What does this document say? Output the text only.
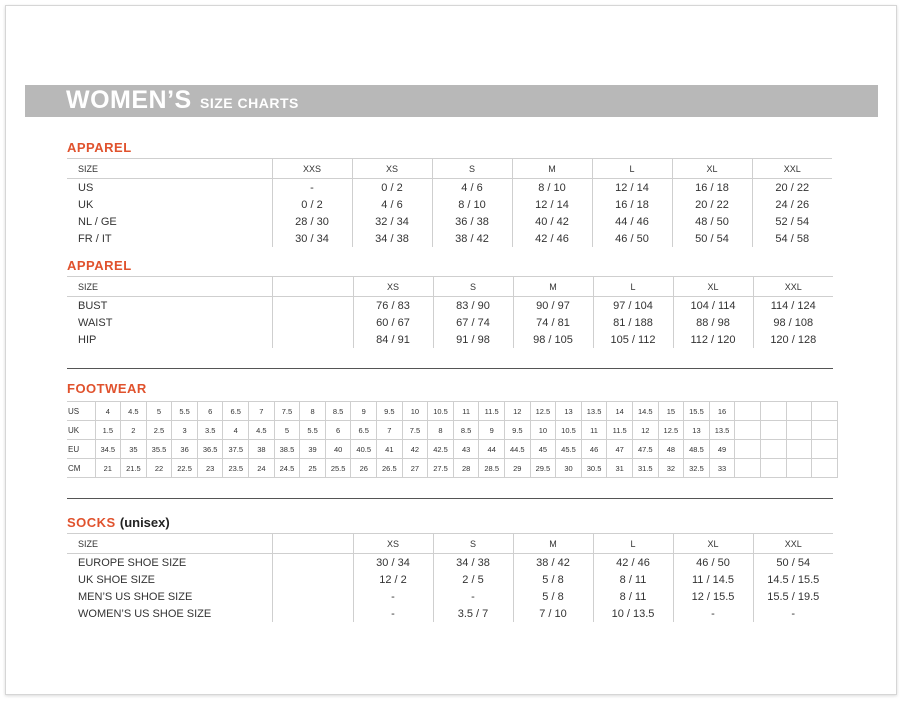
WOMEN’S SIZE CHARTS
APPAREL
SIZE	XXS	XS	S	M	L	XL	XXL
US	-	0 / 2	4 / 6	8 / 10	12 / 14	16 / 18	20 / 22
UK	0 / 2	4 / 6	8 / 10	12 / 14	16 / 18	20 / 22	24 / 26
NL / GE	28 / 30	32 / 34	36 / 38	40 / 42	44 / 46	48 / 50	52 / 54
FR / IT	30 / 34	34 / 38	38 / 42	42 / 46	46 / 50	50 / 54	54 / 58
APPAREL
SIZE		XS	S	M	L	XL	XXL
BUST		76 / 83	83 / 90	90 / 97	97 / 104	104 / 114	114 / 124
WAIST		60 / 67	67 / 74	74 / 81	81 / 188	88 / 98	98 / 108
HIP		84 / 91	91 / 98	98 / 105	105 / 112	112 / 120	120 / 128
FOOTWEAR
US	4	4.5	5	5.5	6	6.5	7	7.5	8	8.5	9	9.5	10	10.5	11	11.5	12	12.5	13	13.5	14	14.5	15	15.5	16				
UK	1.5	2	2.5	3	3.5	4	4.5	5	5.5	6	6.5	7	7.5	8	8.5	9	9.5	10	10.5	11	11.5	12	12.5	13	13.5				
EU	34.5	35	35.5	36	36.5	37.5	38	38.5	39	40	40.5	41	42	42.5	43	44	44.5	45	45.5	46	47	47.5	48	48.5	49				
CM	21	21.5	22	22.5	23	23.5	24	24.5	25	25.5	26	26.5	27	27.5	28	28.5	29	29.5	30	30.5	31	31.5	32	32.5	33				
SOCKS (unisex)
SIZE		XS	S	M	L	XL	XXL
EUROPE SHOE SIZE		30 / 34	34 / 38	38 / 42	42 / 46	46 / 50	50 / 54
UK SHOE SIZE		12 / 2	2 / 5	5 / 8	8 / 11	11 / 14.5	14.5 / 15.5
MEN’S US SHOE SIZE		-	-	5 / 8	8 / 11	12 / 15.5	15.5 / 19.5
WOMEN’S US SHOE SIZE		-	3.5 / 7	7 / 10	10 / 13.5	-	-
